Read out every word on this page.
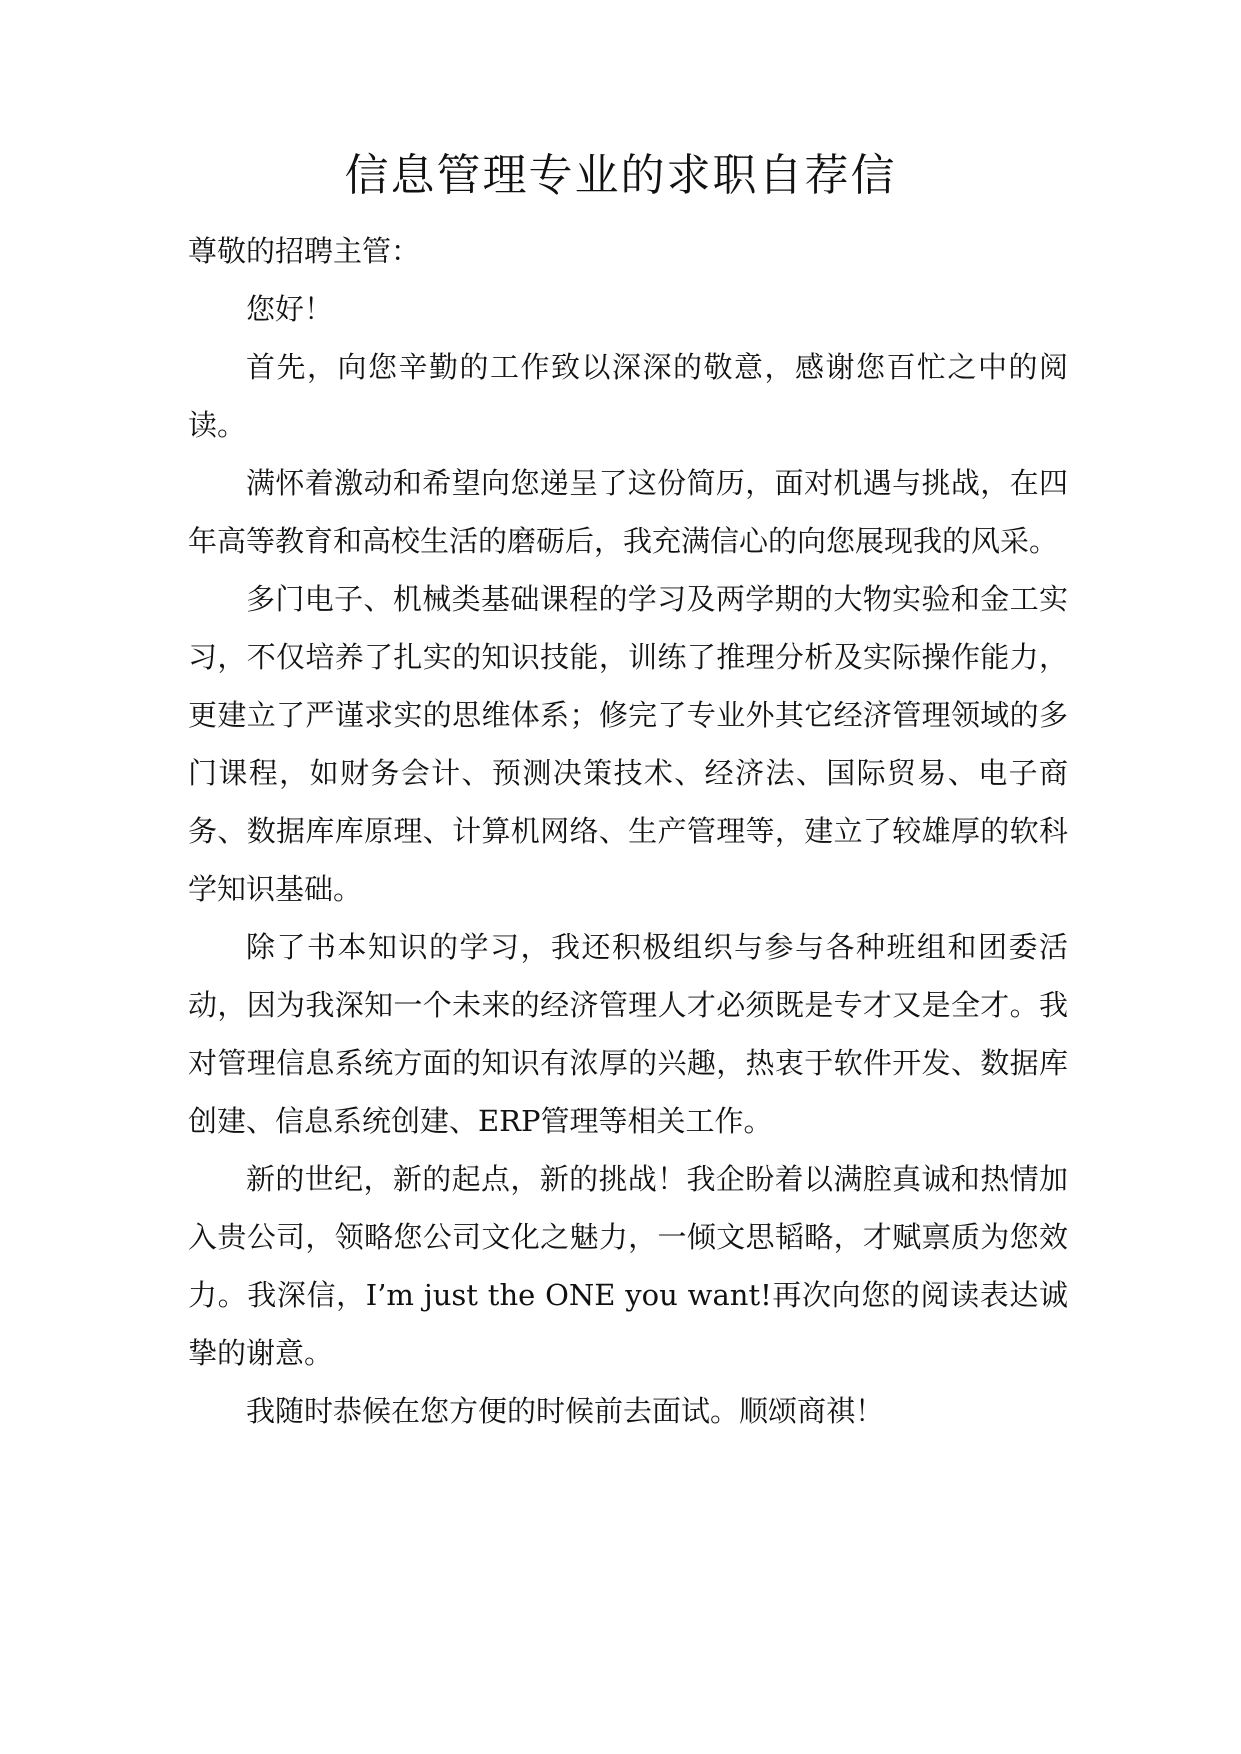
信息管理专业的求职自荐信

尊敬的招聘主管：

您好！

首先，向您辛勤的工作致以深深的敬意，感谢您百忙之中的阅读。

满怀着激动和希望向您递呈了这份简历，面对机遇与挑战，在四年高等教育和高校生活的磨砺后，我充满信心的向您展现我的风采。

多门电子、机械类基础课程的学习及两学期的大物实验和金工实习，不仅培养了扎实的知识技能，训练了推理分析及实际操作能力，更建立了严谨求实的思维体系；修完了专业外其它经济管理领域的多门课程，如财务会计、预测决策技术、经济法、国际贸易、电子商务、数据库库原理、计算机网络、生产管理等，建立了较雄厚的软科学知识基础。

除了书本知识的学习，我还积极组织与参与各种班组和团委活动，因为我深知一个未来的经济管理人才必须既是专才又是全才。我对管理信息系统方面的知识有浓厚的兴趣，热衷于软件开发、数据库创建、信息系统创建、ERP管理等相关工作。

新的世纪，新的起点，新的挑战！我企盼着以满腔真诚和热情加入贵公司，领略您公司文化之魅力，一倾文思韬略，才赋禀质为您效力。我深信，I’m just the ONE you want!再次向您的阅读表达诚挚的谢意。

我随时恭候在您方便的时候前去面试。顺颂商祺！
